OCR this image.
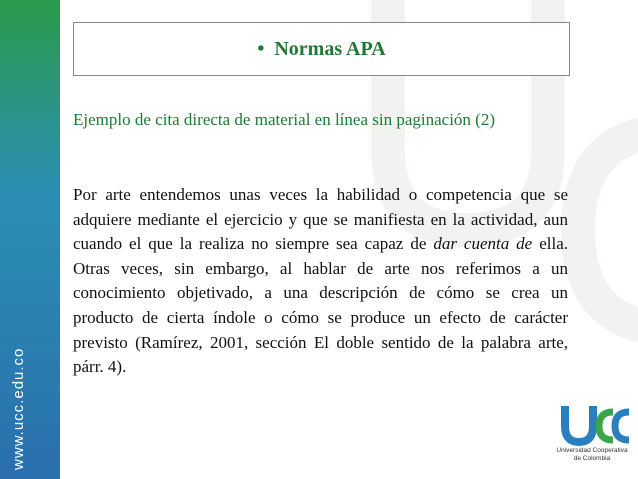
www.ucc.edu.co
• Normas APA
Ejemplo de cita directa de material en línea sin paginación (2)
Por arte entendemos unas veces la habilidad o competencia que se adquiere mediante el ejercicio y que se manifiesta en la actividad, aun cuando el que la realiza no siempre sea capaz de dar cuenta de ella. Otras veces, sin embargo, al hablar de arte nos referimos a un conocimiento objetivado, a una descripción de cómo se crea un producto de cierta índole o cómo se produce un efecto de carácter previsto (Ramírez, 2001, sección El doble sentido de la palabra arte, párr. 4).
Universidad Cooperativa
de Colombia
